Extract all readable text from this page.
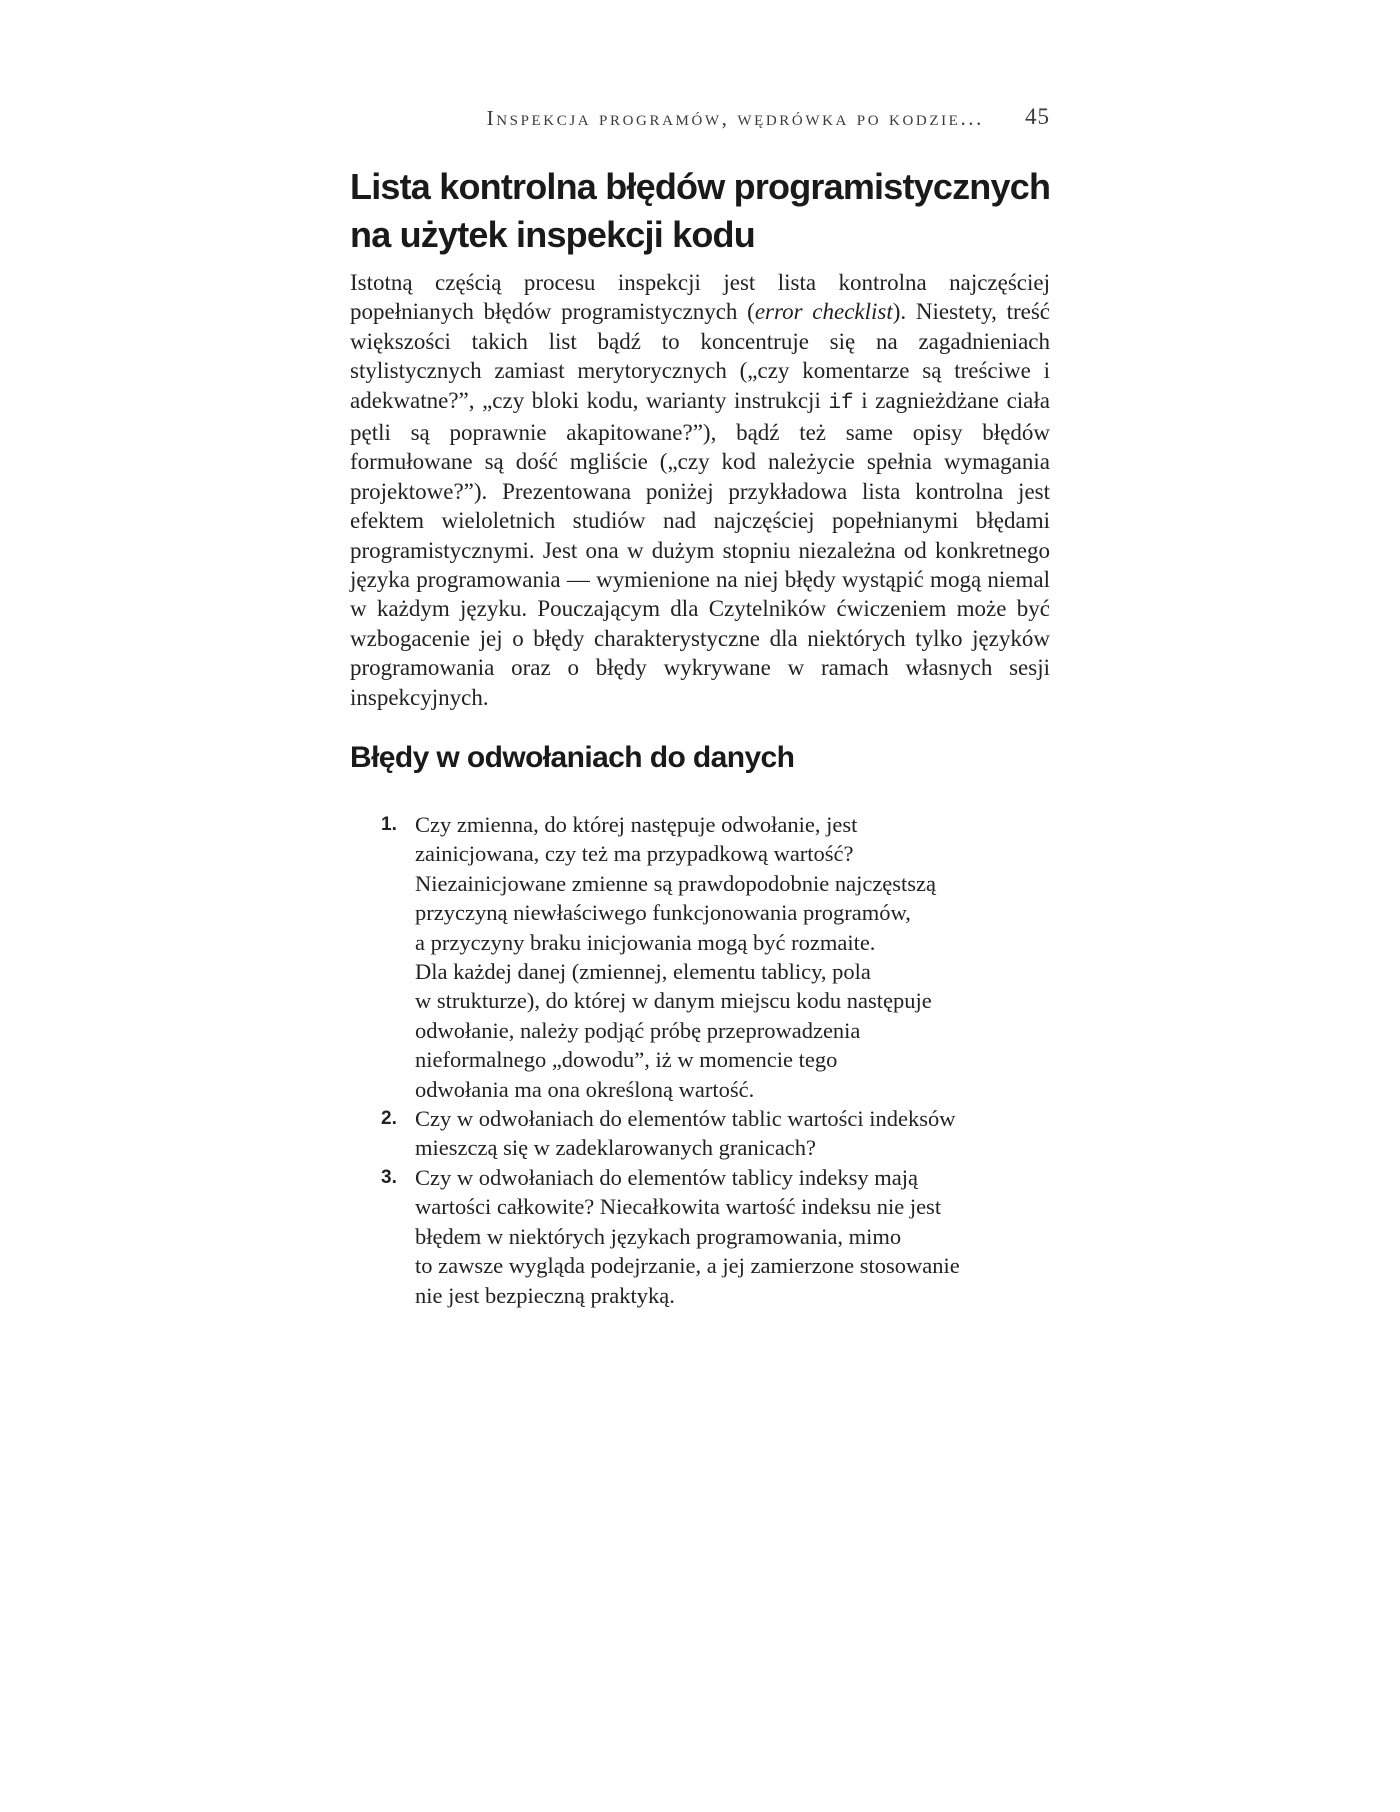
Inspekcja programów, wędrówka po kodzie... 45
Lista kontrolna błędów programistycznych
na użytek inspekcji kodu

Istotną częścią procesu inspekcji jest lista kontrolna najczęściej popełnianych błędów programistycznych (error checklist). Niestety, treść większości takich list bądź to koncentruje się na zagadnieniach stylistycznych zamiast merytorycznych („czy komentarze są treściwe i adekwatne?”, „czy bloki kodu, warianty instrukcji if i zagnieżdżane ciała pętli są poprawnie akapitowane?”), bądź też same opisy błędów formułowane są dość mgliście („czy kod należycie spełnia wymagania projektowe?”). Prezentowana poniżej przykładowa lista kontrolna jest efektem wieloletnich studiów nad najczęściej popełnianymi błędami programistycznymi. Jest ona w dużym stopniu niezależna od konkretnego języka programowania — wymienione na niej błędy wystąpić mogą niemal w każdym języku. Pouczającym dla Czytelników ćwiczeniem może być wzbogacenie jej o błędy charakterystyczne dla niektórych tylko języków programowania oraz o błędy wykrywane w ramach własnych sesji inspekcyjnych.

Błędy w odwołaniach do danych
1. Czy zmienna, do której następuje odwołanie, jest
zainicjowana, czy też ma przypadkową wartość?
Niezainicjowane zmienne są prawdopodobnie najczęstszą
przyczyną niewłaściwego funkcjonowania programów,
a przyczyny braku inicjowania mogą być rozmaite.
Dla każdej danej (zmiennej, elementu tablicy, pola
w strukturze), do której w danym miejscu kodu następuje
odwołanie, należy podjąć próbę przeprowadzenia
nieformalnego „dowodu”, iż w momencie tego
odwołania ma ona określoną wartość.
2. Czy w odwołaniach do elementów tablic wartości indeksów
mieszczą się w zadeklarowanych granicach?
3. Czy w odwołaniach do elementów tablicy indeksy mają
wartości całkowite? Niecałkowita wartość indeksu nie jest
błędem w niektórych językach programowania, mimo
to zawsze wygląda podejrzanie, a jej zamierzone stosowanie
nie jest bezpieczną praktyką.
